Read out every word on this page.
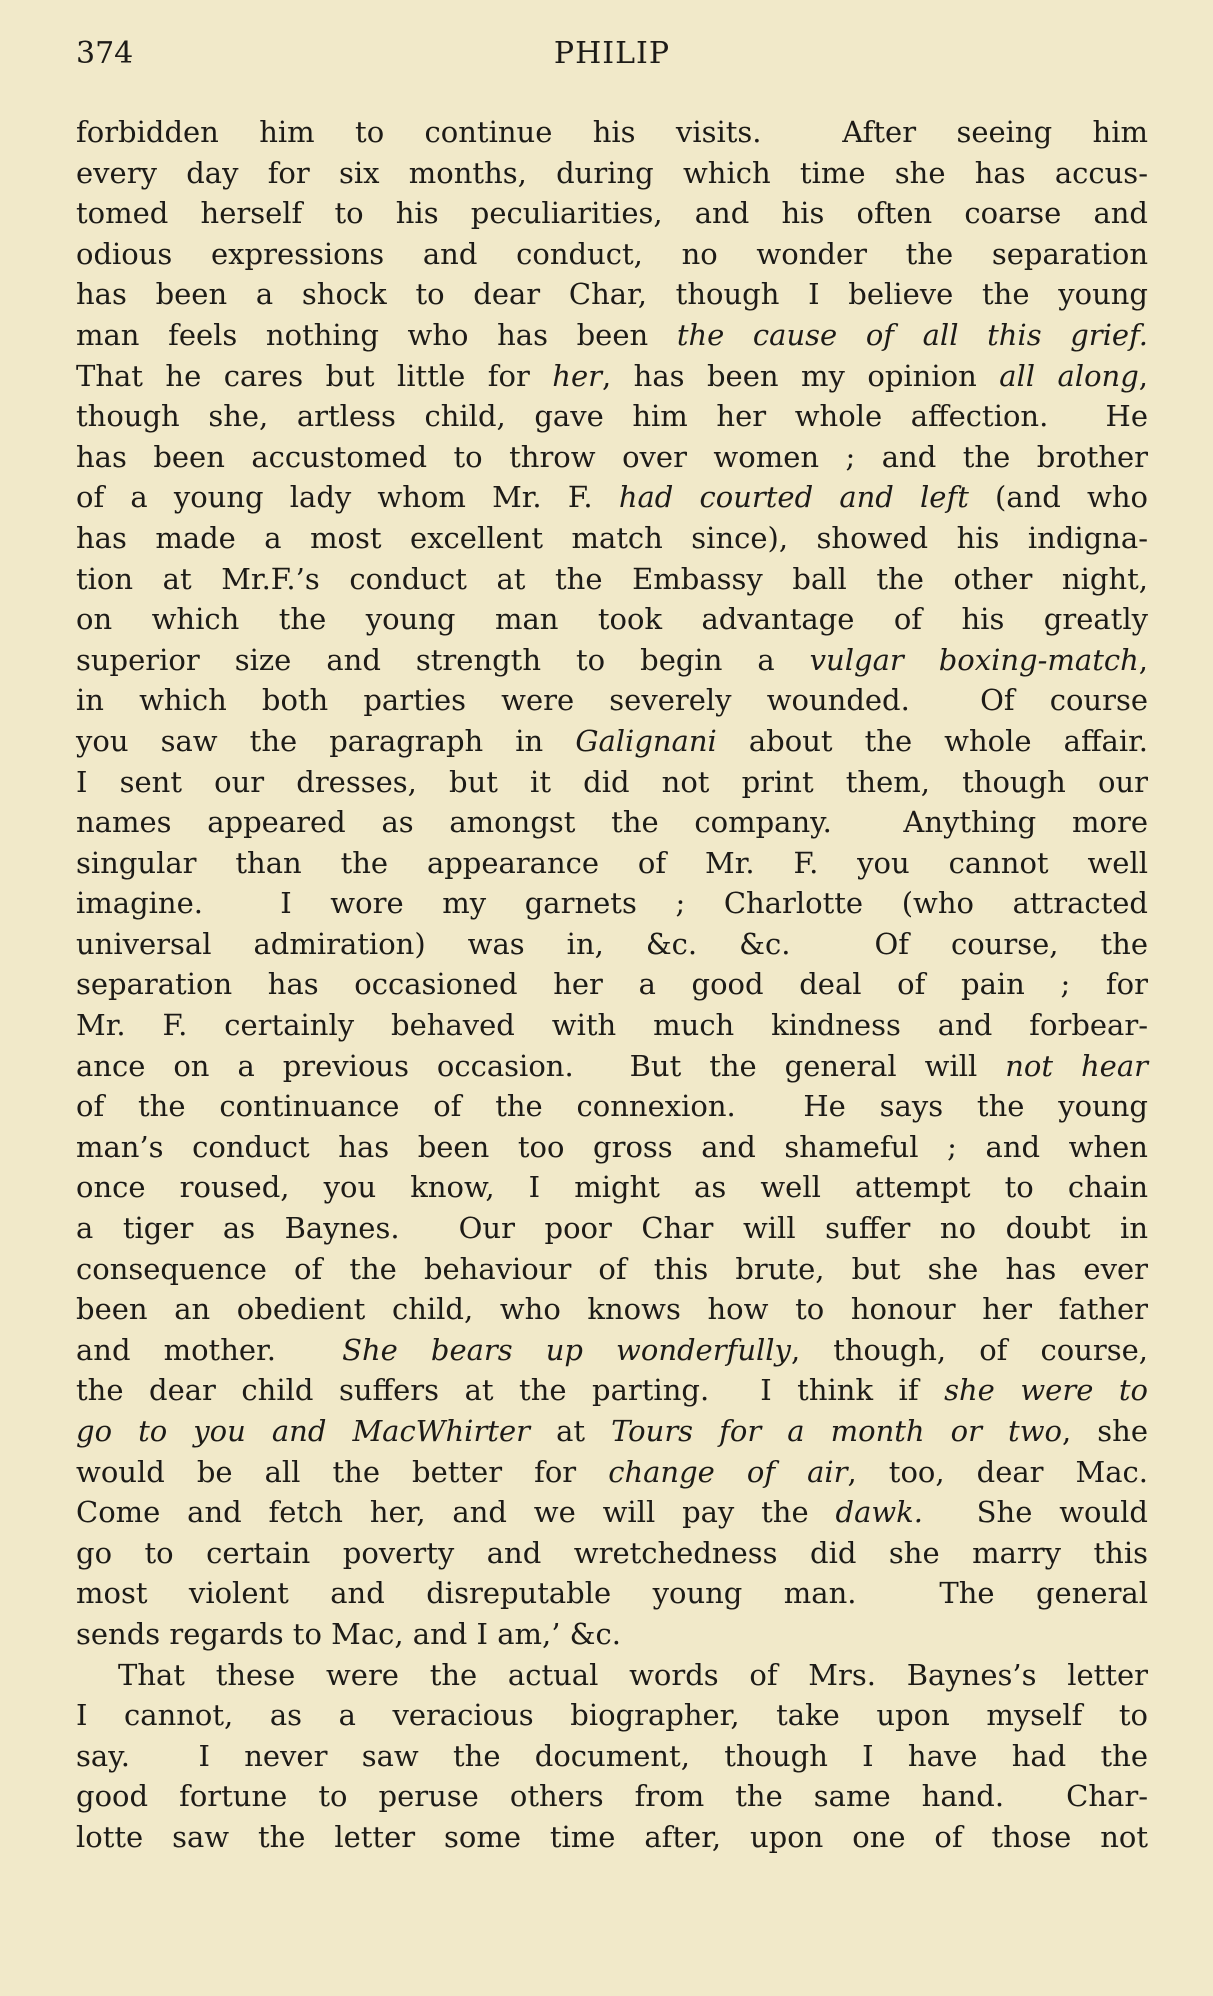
374	PHILIP
forbidden him to continue his visits.  After seeing him
every day for six months, during which time she has accus-
tomed herself to his peculiarities, and his often coarse and
odious expressions and conduct, no wonder the separation
has been a shock to dear Char, though I believe the young
man feels nothing who has been the cause of all this grief.
That he cares but little for her, has been my opinion all along,
though she, artless child, gave him her whole affection.  He
has been accustomed to throw over women ; and the brother
of a young lady whom Mr. F. had courted and left (and who
has made a most excellent match since), showed his indigna-
tion at Mr.F.’s conduct at the Embassy ball the other night,
on which the young man took advantage of his greatly
superior size and strength to begin a vulgar boxing-match,
in which both parties were severely wounded.  Of course
you saw the paragraph in Galignani about the whole affair.
I sent our dresses, but it did not print them, though our
names appeared as amongst the company.  Anything more
singular than the appearance of Mr. F. you cannot well
imagine.  I wore my garnets ; Charlotte (who attracted
universal admiration) was in, &c. &c.  Of course, the
separation has occasioned her a good deal of pain ; for
Mr. F. certainly behaved with much kindness and forbear-
ance on a previous occasion.  But the general will not hear
of the continuance of the connexion.  He says the young
man’s conduct has been too gross and shameful ; and when
once roused, you know, I might as well attempt to chain
a tiger as Baynes.  Our poor Char will suffer no doubt in
consequence of the behaviour of this brute, but she has ever
been an obedient child, who knows how to honour her father
and mother.  She bears up wonderfully, though, of course,
the dear child suffers at the parting.  I think if she were to
go to you and MacWhirter at Tours for a month or two, she
would be all the better for change of air, too, dear Mac.
Come and fetch her, and we will pay the dawk.  She would
go to certain poverty and wretchedness did she marry this
most violent and disreputable young man.  The general
sends regards to Mac, and I am,’ &c.
That these were the actual words of Mrs. Baynes’s letter
I cannot, as a veracious biographer, take upon myself to
say.  I never saw the document, though I have had the
good fortune to peruse others from the same hand.  Char-
lotte saw the letter some time after, upon one of those not
